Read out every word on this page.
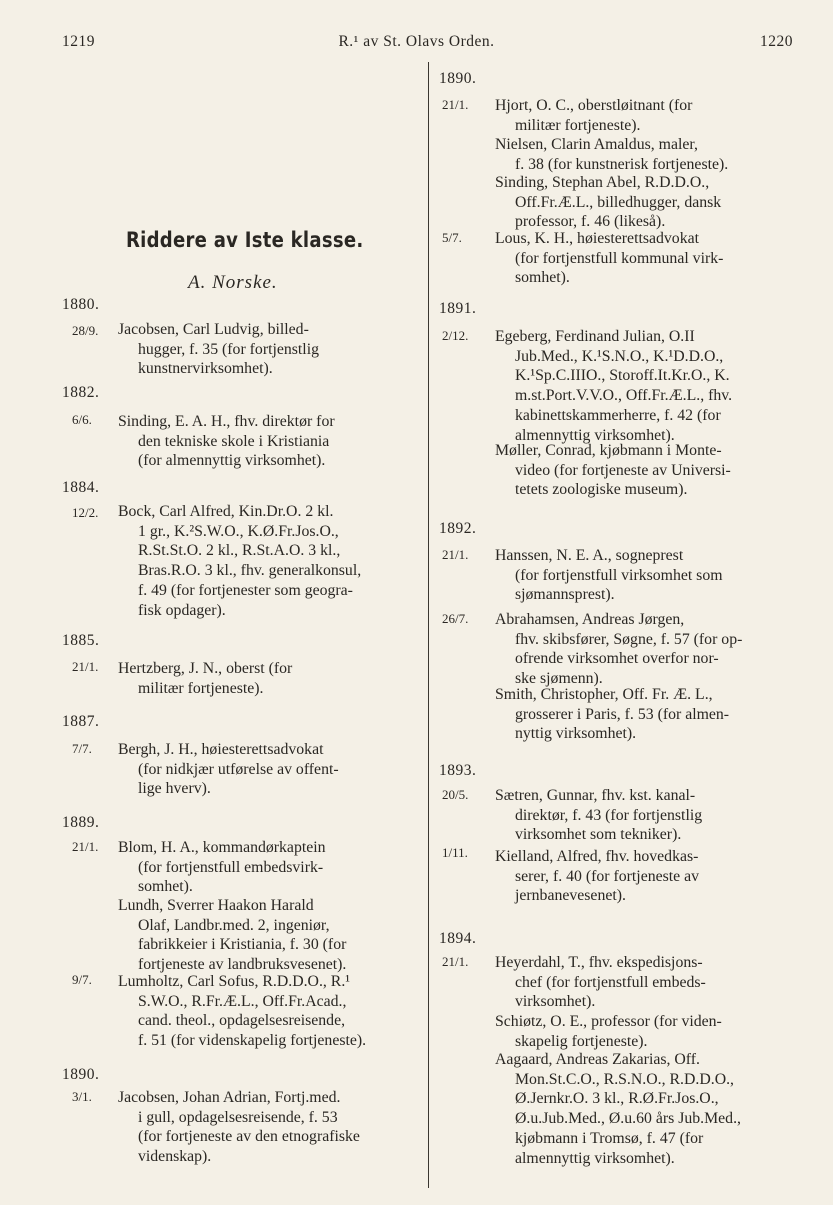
1219	R.¹ av St. Olavs Orden.	1220
Riddere av Iste klasse.
A. Norske.
1880.
1882.
1884.
1885.
1887.
1889.
1890.
28/9.
6/6.
12/2.
21/1.
7/7.
21/1.
9/7.
3/1.

Jacobsen, Carl Ludvig, billed-
hugger, f. 35 (for fortjenstlig
kunstnervirksomhet).

Sinding, E. A. H., fhv. direktør for
den tekniske skole i Kristiania
(for almennyttig virksomhet).

Bock, Carl Alfred, Kin.Dr.O. 2 kl.
1 gr., K.²S.W.O., K.Ø.Fr.Jos.O.,
R.St.St.O. 2 kl., R.St.A.O. 3 kl.,
Bras.R.O. 3 kl., fhv. generalkonsul,
f. 49 (for fortjenester som geogra-
fisk opdager).

Hertzberg, J. N., oberst (for
militær fortjeneste).

Bergh, J. H., høiesterettsadvokat
(for nidkjær utførelse av offent-
lige hverv).

Blom, H. A., kommandørkaptein
(for fortjenstfull embedsvirk-
somhet).

Lundh, Sverrer Haakon Harald
Olaf, Landbr.med. 2, ingeniør,
fabrikkeier i Kristiania, f. 30 (for
fortjeneste av landbruksvesenet).

Lumholtz, Carl Sofus, R.D.D.O., R.¹
S.W.O., R.Fr.Æ.L., Off.Fr.Acad.,
cand. theol., opdagelsesreisende,
f. 51 (for videnskapelig fortjeneste).

Jacobsen, Johan Adrian, Fortj.med.
i gull, opdagelsesreisende, f. 53
(for fortjeneste av den etnografiske
videnskap).

1890.
1891.
1892.
1893.
1894.
21/1.
5/7.
2/12.
21/1.
26/7.
20/5.
1/11.
21/1.

Hjort, O. C., oberstløitnant (for
militær fortjeneste).

Nielsen, Clarin Amaldus, maler,
f. 38 (for kunstnerisk fortjeneste).

Sinding, Stephan Abel, R.D.D.O.,
Off.Fr.Æ.L., billedhugger, dansk
professor, f. 46 (likeså).

Lous, K. H., høiesterettsadvokat
(for fortjenstfull kommunal virk-
somhet).

Egeberg, Ferdinand Julian, O.II
Jub.Med., K.¹S.N.O., K.¹D.D.O.,
K.¹Sp.C.IIIO., Storoff.It.Kr.O., K.
m.st.Port.V.V.O., Off.Fr.Æ.L., fhv.
kabinettskammerherre, f. 42 (for
almennyttig virksomhet).

Møller, Conrad, kjøbmann i Monte-
video (for fortjeneste av Universi-
tetets zoologiske museum).

Hanssen, N. E. A., sogneprest
(for fortjenstfull virksomhet som
sjømannsprest).

Abrahamsen, Andreas Jørgen,
fhv. skibsfører, Søgne, f. 57 (for op-
ofrende virksomhet overfor nor-
ske sjømenn).

Smith, Christopher, Off. Fr. Æ. L.,
grosserer i Paris, f. 53 (for almen-
nyttig virksomhet).

Sætren, Gunnar, fhv. kst. kanal-
direktør, f. 43 (for fortjenstlig
virksomhet som tekniker).

Kielland, Alfred, fhv. hovedkas-
serer, f. 40 (for fortjeneste av
jernbanevesenet).

Heyerdahl, T., fhv. ekspedisjons-
chef (for fortjenstfull embeds-
virksomhet).

Schiøtz, O. E., professor (for viden-
skapelig fortjeneste).

Aagaard, Andreas Zakarias, Off.
Mon.St.C.O., R.S.N.O., R.D.D.O.,
Ø.Jernkr.O. 3 kl., R.Ø.Fr.Jos.O.,
Ø.u.Jub.Med., Ø.u.60 års Jub.Med.,
kjøbmann i Tromsø, f. 47 (for
almennyttig virksomhet).
